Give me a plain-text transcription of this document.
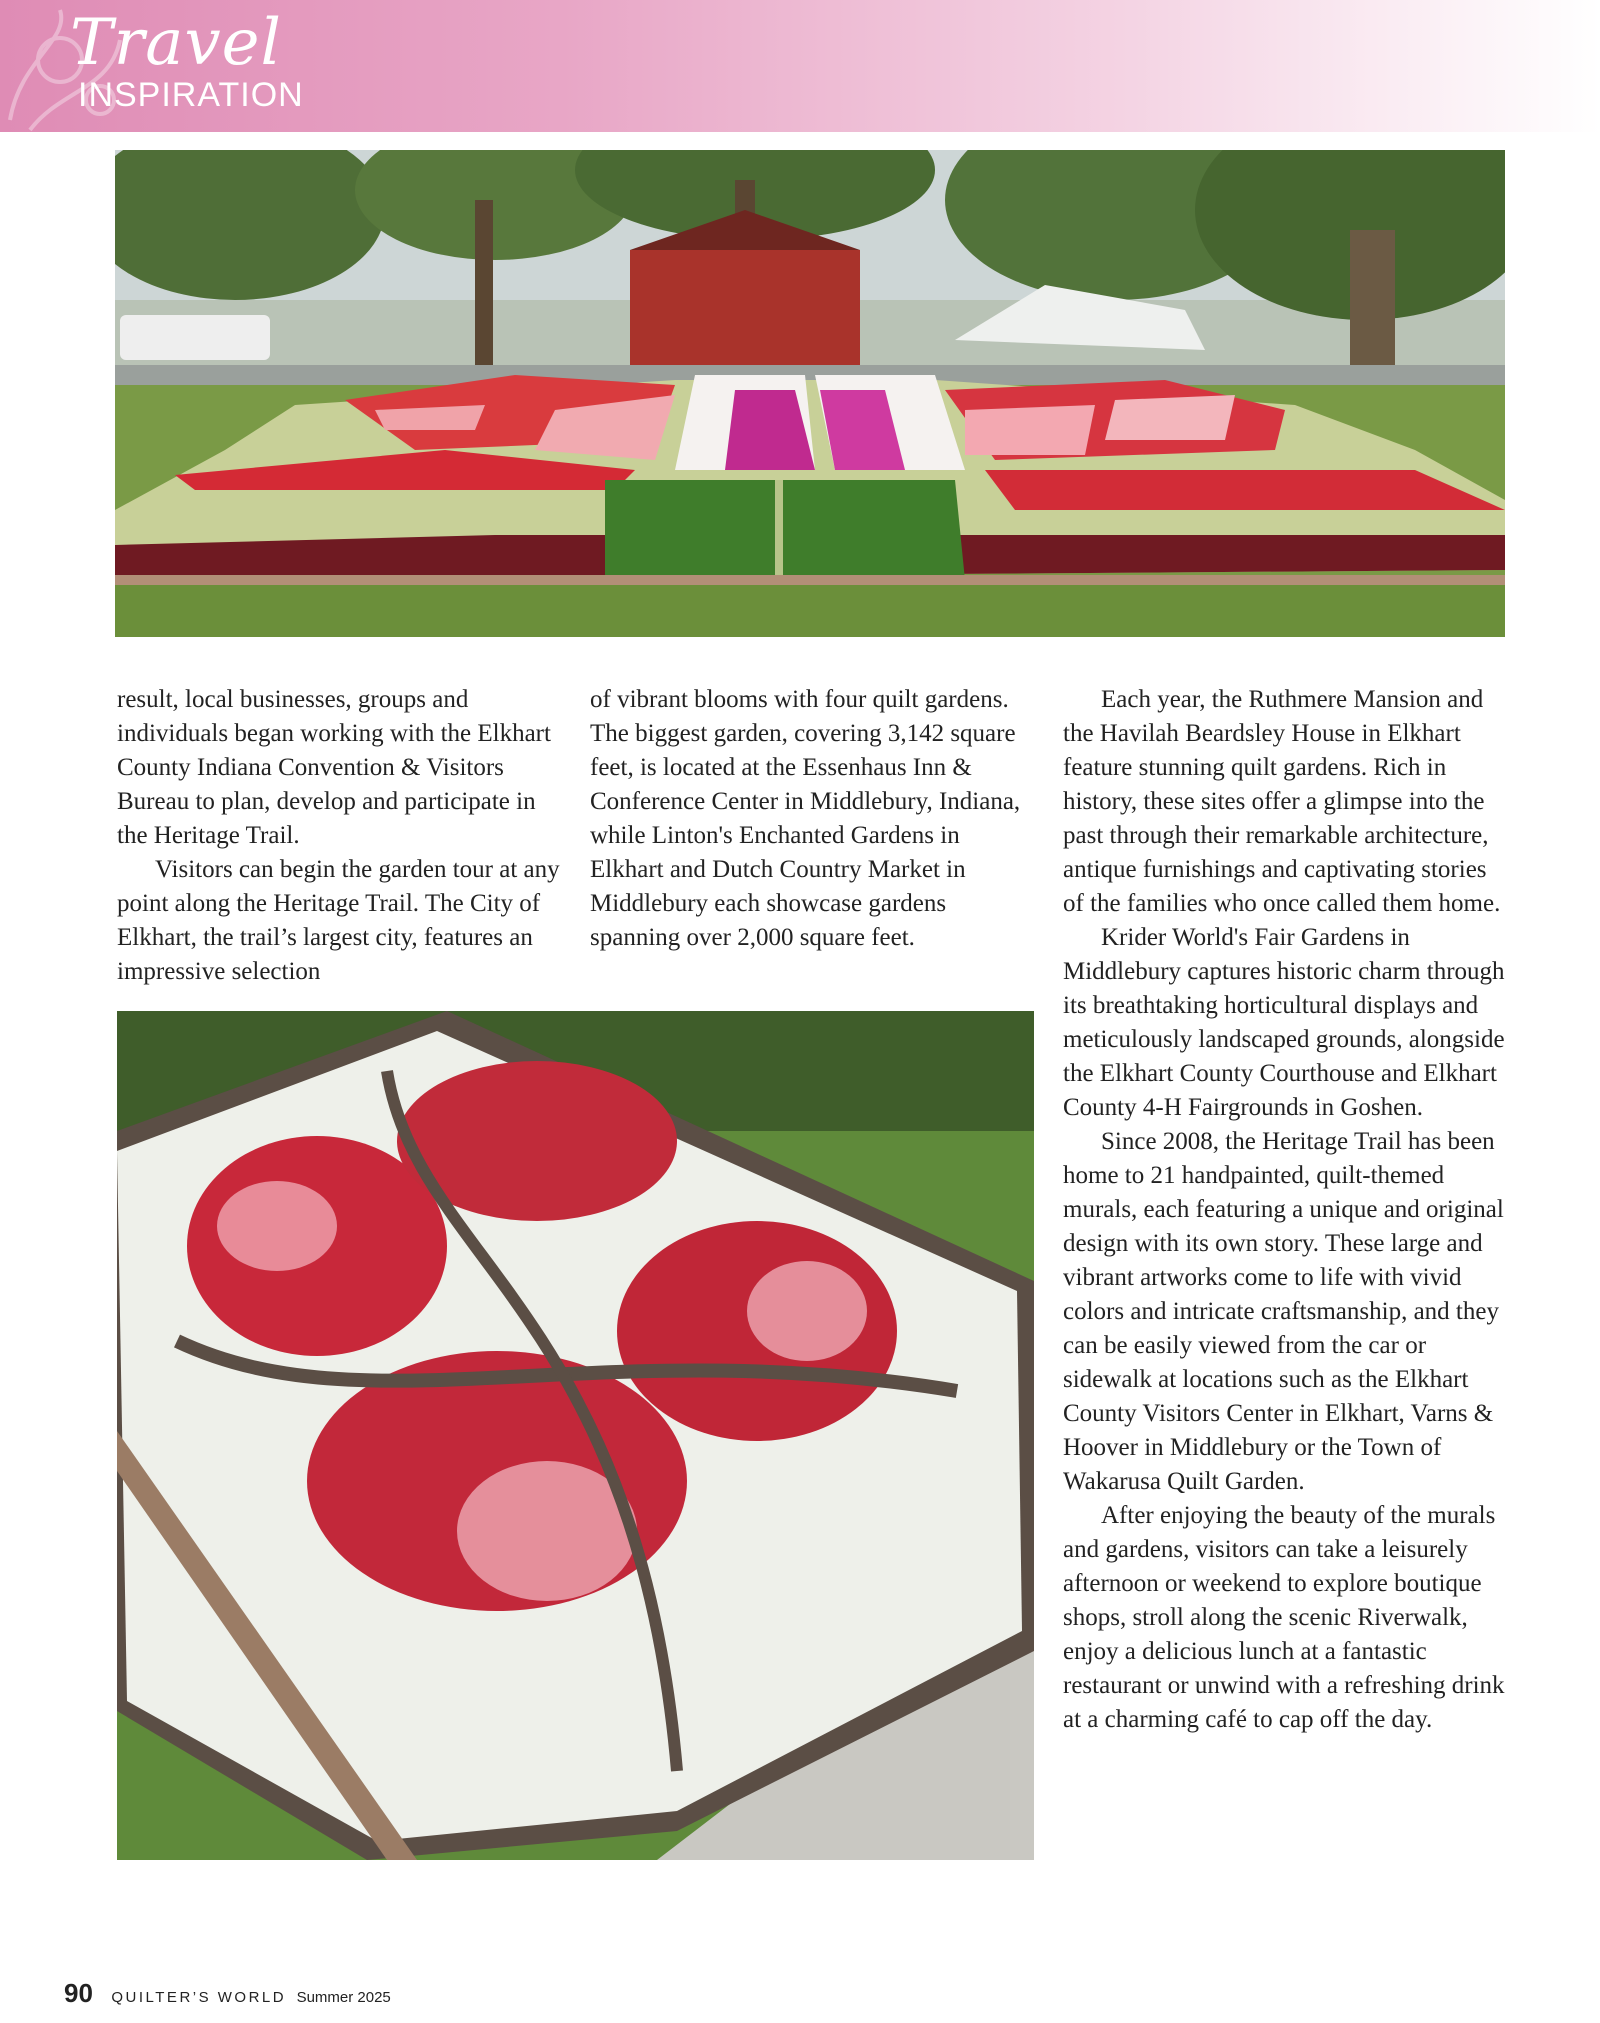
Travel
INSPIRATION

result, local businesses, groups and individuals began working with the Elkhart County Indiana Convention & Visitors Bureau to plan, develop and participate in the Heritage Trail.

Visitors can begin the garden tour at any point along the Heritage Trail. The City of Elkhart, the trail’s largest city, features an impressive selection

of vibrant blooms with four quilt gardens. The biggest garden, covering 3,142 square feet, is located at the Essenhaus Inn & Conference Center in Middlebury, Indiana, while Linton's Enchanted Gardens in Elkhart and Dutch Country Market in Middlebury each showcase gardens spanning over 2,000 square feet.

Each year, the Ruthmere Mansion and the Havilah Beardsley House in Elkhart feature stunning quilt gardens. Rich in history, these sites offer a glimpse into the past through their remarkable architecture, antique furnishings and captivating stories of the families who once called them home.

Krider World's Fair Gardens in Middlebury captures historic charm through its breathtaking horticultural displays and meticulously landscaped grounds, alongside the Elkhart County Courthouse and Elkhart County 4-H Fairgrounds in Goshen.

Since 2008, the Heritage Trail has been home to 21 handpainted, quilt-themed murals, each featuring a unique and original design with its own story. These large and vibrant artworks come to life with vivid colors and intricate craftsmanship, and they can be easily viewed from the car or sidewalk at locations such as the Elkhart County Visitors Center in Elkhart, Varns & Hoover in Middlebury or the Town of Wakarusa Quilt Garden.

After enjoying the beauty of the murals and gardens, visitors can take a leisurely afternoon or weekend to explore boutique shops, stroll along the scenic Riverwalk, enjoy a delicious lunch at a fantastic restaurant or unwind with a refreshing drink at a charming café to cap off the day.

90 QUILTER’S WORLD Summer 2025
